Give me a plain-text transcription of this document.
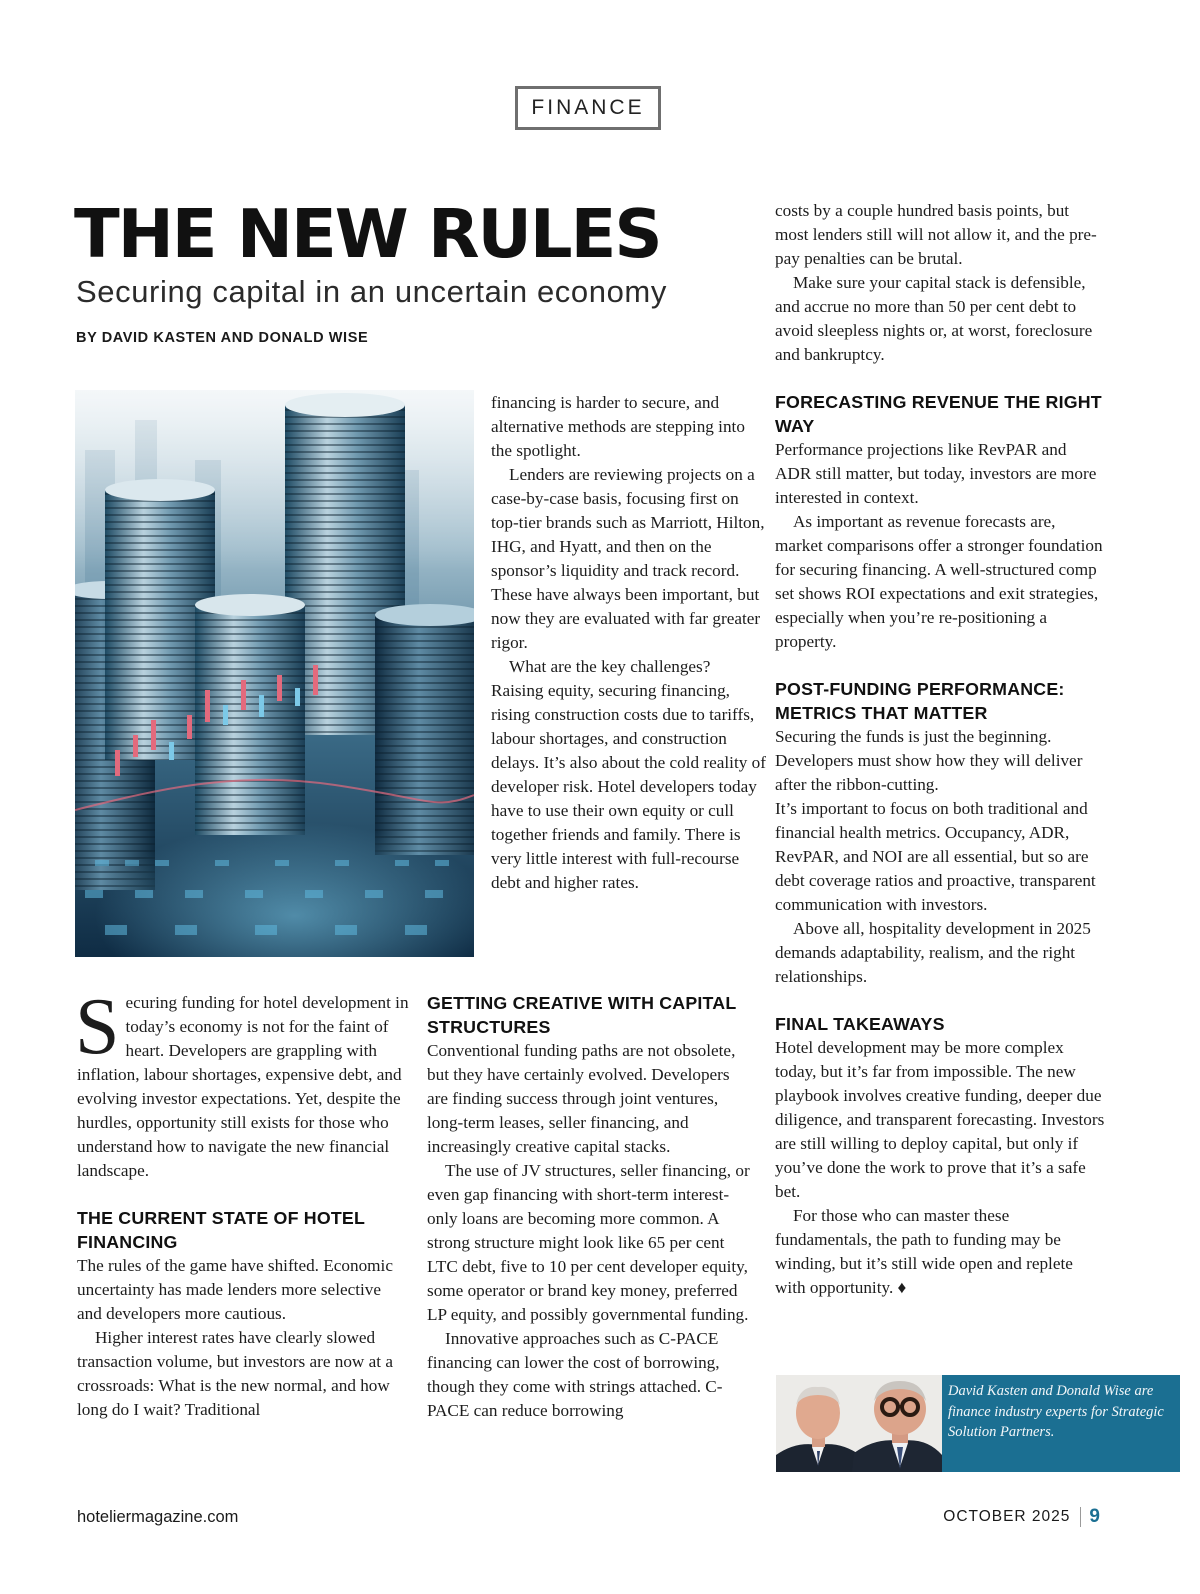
FINANCE
THE NEW RULES
Securing capital in an uncertain economy
BY DAVID KASTEN AND DONALD WISE

financing is harder to secure, and alternative methods are stepping into the spotlight.

Lenders are reviewing projects on a case-by-case basis, focusing first on top-tier brands such as Marriott, Hilton, IHG, and Hyatt, and then on the sponsor’s liquidity and track record. These have always been important, but now they are evaluated with far greater rigor.

What are the key challenges? Raising equity, securing financing, rising construction costs due to tariffs, labour shortages, and construction delays. It’s also about the cold reality of developer risk. Hotel developers today have to use their own equity or cull together friends and family. There is very little interest with full-recourse debt and higher rates.

Securing funding for hotel development in today’s economy is not for the faint of heart. Developers are grappling with inflation, labour shortages, expensive debt, and evolving investor expectations. Yet, despite the hurdles, opportunity still exists for those who understand how to navigate the new financial landscape.

THE CURRENT STATE OF HOTEL FINANCING

The rules of the game have shifted. Economic uncertainty has made lenders more selective and developers more cautious.

Higher interest rates have clearly slowed transaction volume, but investors are now at a crossroads: What is the new normal, and how long do I wait? Traditional

GETTING CREATIVE WITH CAPITAL STRUCTURES

Conventional funding paths are not obsolete, but they have certainly evolved. Developers are finding success through joint ventures, long-term leases, seller financing, and increasingly creative capital stacks.

The use of JV structures, seller financing, or even gap financing with short-term interest-only loans are becoming more common. A strong structure might look like 65 per cent LTC debt, five to 10 per cent developer equity, some operator or brand key money, preferred LP equity, and possibly governmental funding.

Innovative approaches such as C-PACE financing can lower the cost of borrowing, though they come with strings attached. C-PACE can reduce borrowing

costs by a couple hundred basis points, but most lenders still will not allow it, and the pre-pay penalties can be brutal.

Make sure your capital stack is defensible, and accrue no more than 50 per cent debt to avoid sleepless nights or, at worst, foreclosure and bankruptcy.

FORECASTING REVENUE THE RIGHT WAY

Performance projections like RevPAR and ADR still matter, but today, investors are more interested in context.

As important as revenue forecasts are, market comparisons offer a stronger foundation for securing financing. A well-structured comp set shows ROI expectations and exit strategies, especially when you’re re-positioning a property.

POST-FUNDING PERFORMANCE: METRICS THAT MATTER

Securing the funds is just the beginning. Developers must show how they will deliver after the ribbon-cutting.

It’s important to focus on both traditional and financial health metrics. Occupancy, ADR, RevPAR, and NOI are all essential, but so are debt coverage ratios and proactive, transparent communication with investors.

Above all, hospitality development in 2025 demands adaptability, realism, and the right relationships.

FINAL TAKEAWAYS

Hotel development may be more complex today, but it’s far from impossible. The new playbook involves creative funding, deeper due diligence, and transparent forecasting. Investors are still willing to deploy capital, but only if you’ve done the work to prove that it’s a safe bet.

For those who can master these fundamentals, the path to funding may be winding, but it’s still wide open and replete with opportunity. ♦

David Kasten and Donald Wise are finance industry experts for Strategic Solution Partners.
hoteliermagazine.com	OCTOBER 2025 9
